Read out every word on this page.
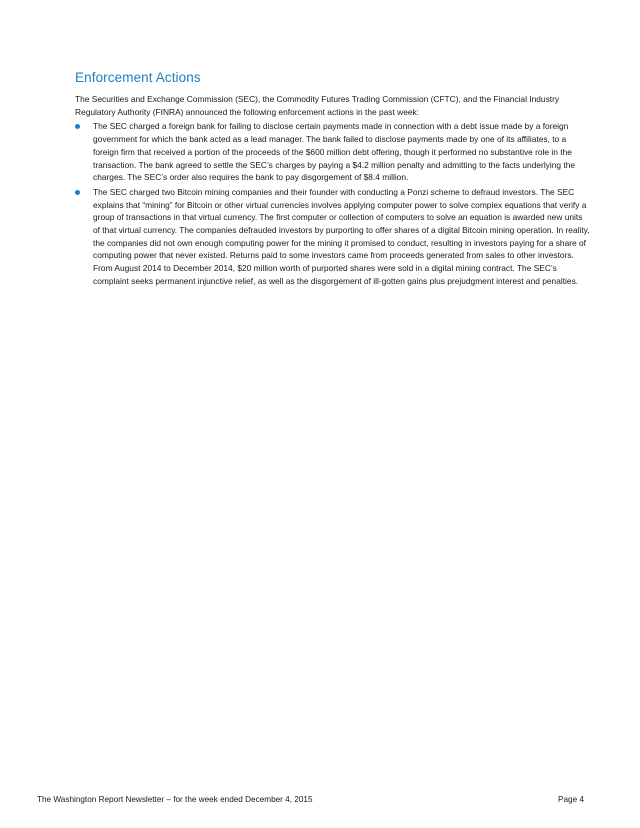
Enforcement Actions

The Securities and Exchange Commission (SEC), the Commodity Futures Trading Commission (CFTC), and the Financial Industry Regulatory Authority (FINRA) announced the following enforcement actions in the past week:

The SEC charged a foreign bank for failing to disclose certain payments made in connection with a debt issue made by a foreign government for which the bank acted as a lead manager. The bank failed to disclose payments made by one of its affiliates, to a foreign firm that received a portion of the proceeds of the $600 million debt offering, though it performed no substantive role in the transaction. The bank agreed to settle the SEC’s charges by paying a $4.2 million penalty and admitting to the facts underlying the charges. The SEC’s order also requires the bank to pay disgorgement of $8.4 million.
The SEC charged two Bitcoin mining companies and their founder with conducting a Ponzi scheme to defraud investors. The SEC explains that “mining” for Bitcoin or other virtual currencies involves applying computer power to solve complex equations that verify a group of transactions in that virtual currency. The first computer or collection of computers to solve an equation is awarded new units of that virtual currency. The companies defrauded investors by purporting to offer shares of a digital Bitcoin mining operation. In reality, the companies did not own enough computing power for the mining it promised to conduct, resulting in investors paying for a share of computing power that never existed. Returns paid to some investors came from proceeds generated from sales to other investors. From August 2014 to December 2014, $20 million worth of purported shares were sold in a digital mining contract. The SEC’s complaint seeks permanent injunctive relief, as well as the disgorgement of ill-gotten gains plus prejudgment interest and penalties.
The Washington Report Newsletter – for the week ended December 4, 2015	Page 4
